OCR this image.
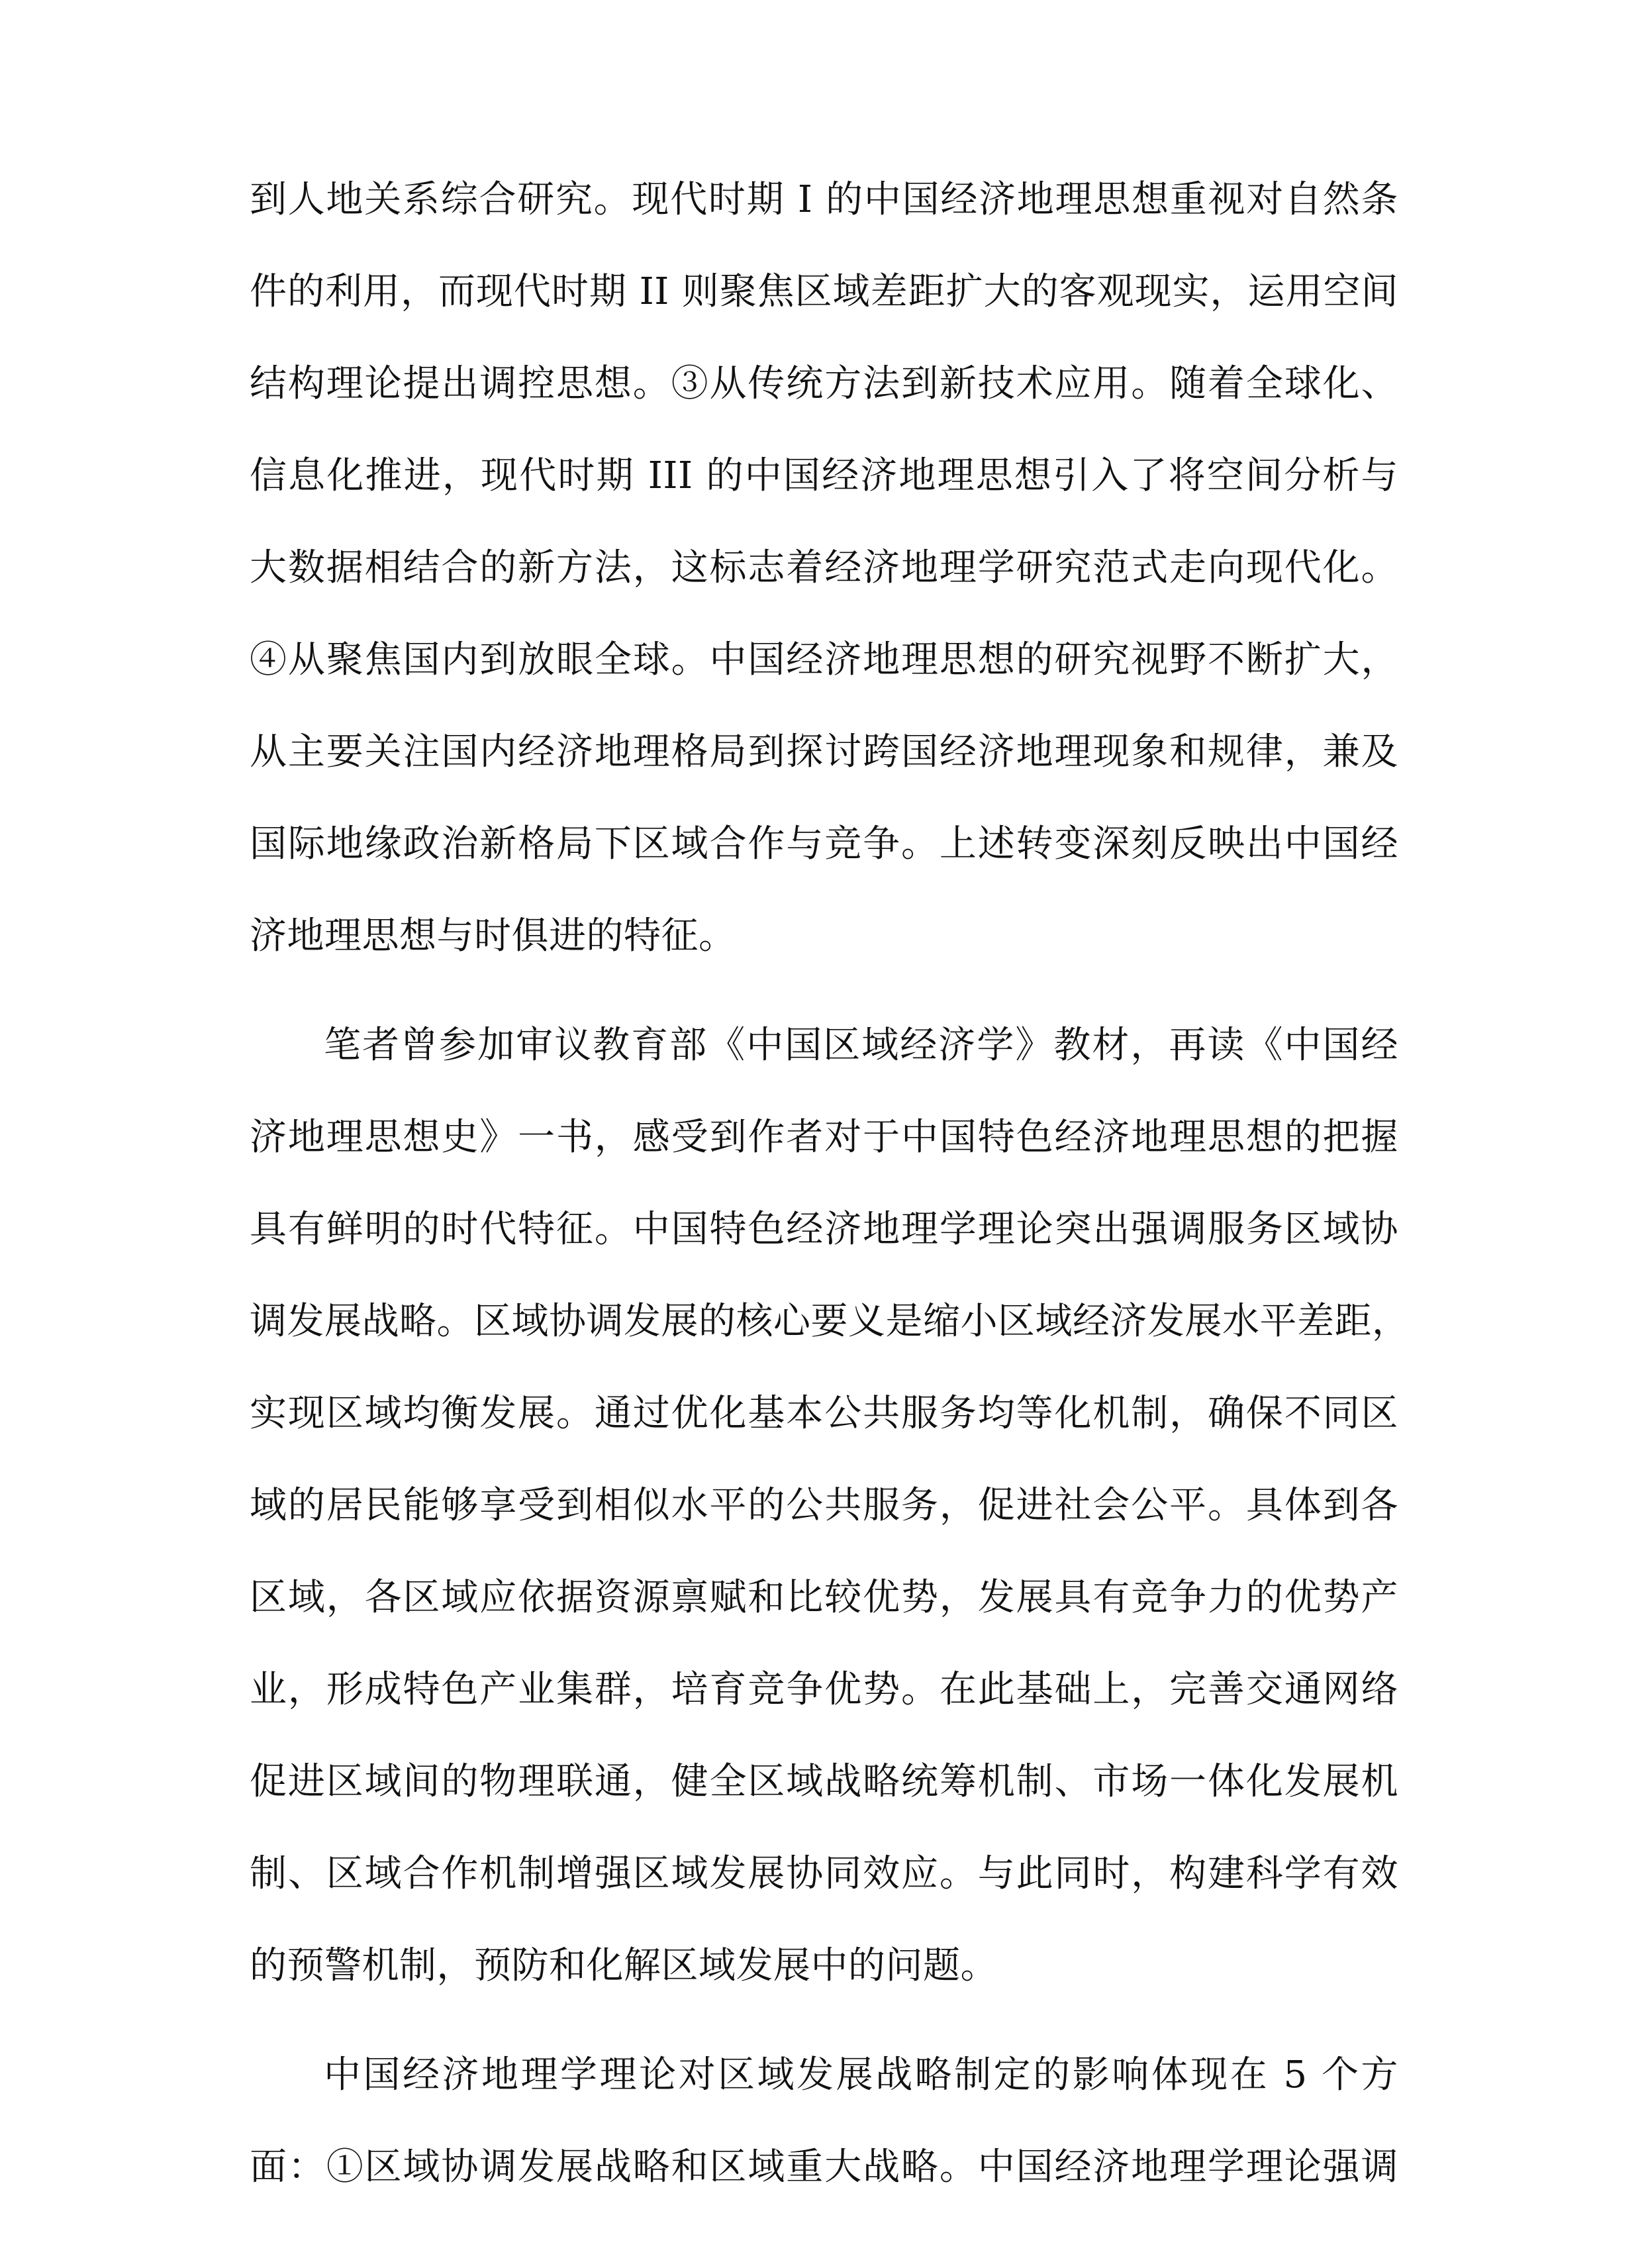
到人地关系综合研究。现代时期 I 的中国经济地理思想重视对自然条
件的利用，而现代时期 II 则聚焦区域差距扩大的客观现实，运用空间
结构理论提出调控思想。③从传统方法到新技术应用。随着全球化、
信息化推进，现代时期 III 的中国经济地理思想引入了将空间分析与
大数据相结合的新方法，这标志着经济地理学研究范式走向现代化。
④从聚焦国内到放眼全球。中国经济地理思想的研究视野不断扩大，
从主要关注国内经济地理格局到探讨跨国经济地理现象和规律，兼及
国际地缘政治新格局下区域合作与竞争。上述转变深刻反映出中国经
济地理思想与时俱进的特征。
笔者曾参加审议教育部《中国区域经济学》教材，再读《中国经
济地理思想史》一书，感受到作者对于中国特色经济地理思想的把握
具有鲜明的时代特征。中国特色经济地理学理论突出强调服务区域协
调发展战略。区域协调发展的核心要义是缩小区域经济发展水平差距，
实现区域均衡发展。通过优化基本公共服务均等化机制，确保不同区
域的居民能够享受到相似水平的公共服务，促进社会公平。具体到各
区域，各区域应依据资源禀赋和比较优势，发展具有竞争力的优势产
业，形成特色产业集群，培育竞争优势。在此基础上，完善交通网络
促进区域间的物理联通，健全区域战略统筹机制、市场一体化发展机
制、区域合作机制增强区域发展协同效应。与此同时，构建科学有效
的预警机制，预防和化解区域发展中的问题。
中国经济地理学理论对区域发展战略制定的影响体现在 5 个方
面：①区域协调发展战略和区域重大战略。中国经济地理学理论强调
